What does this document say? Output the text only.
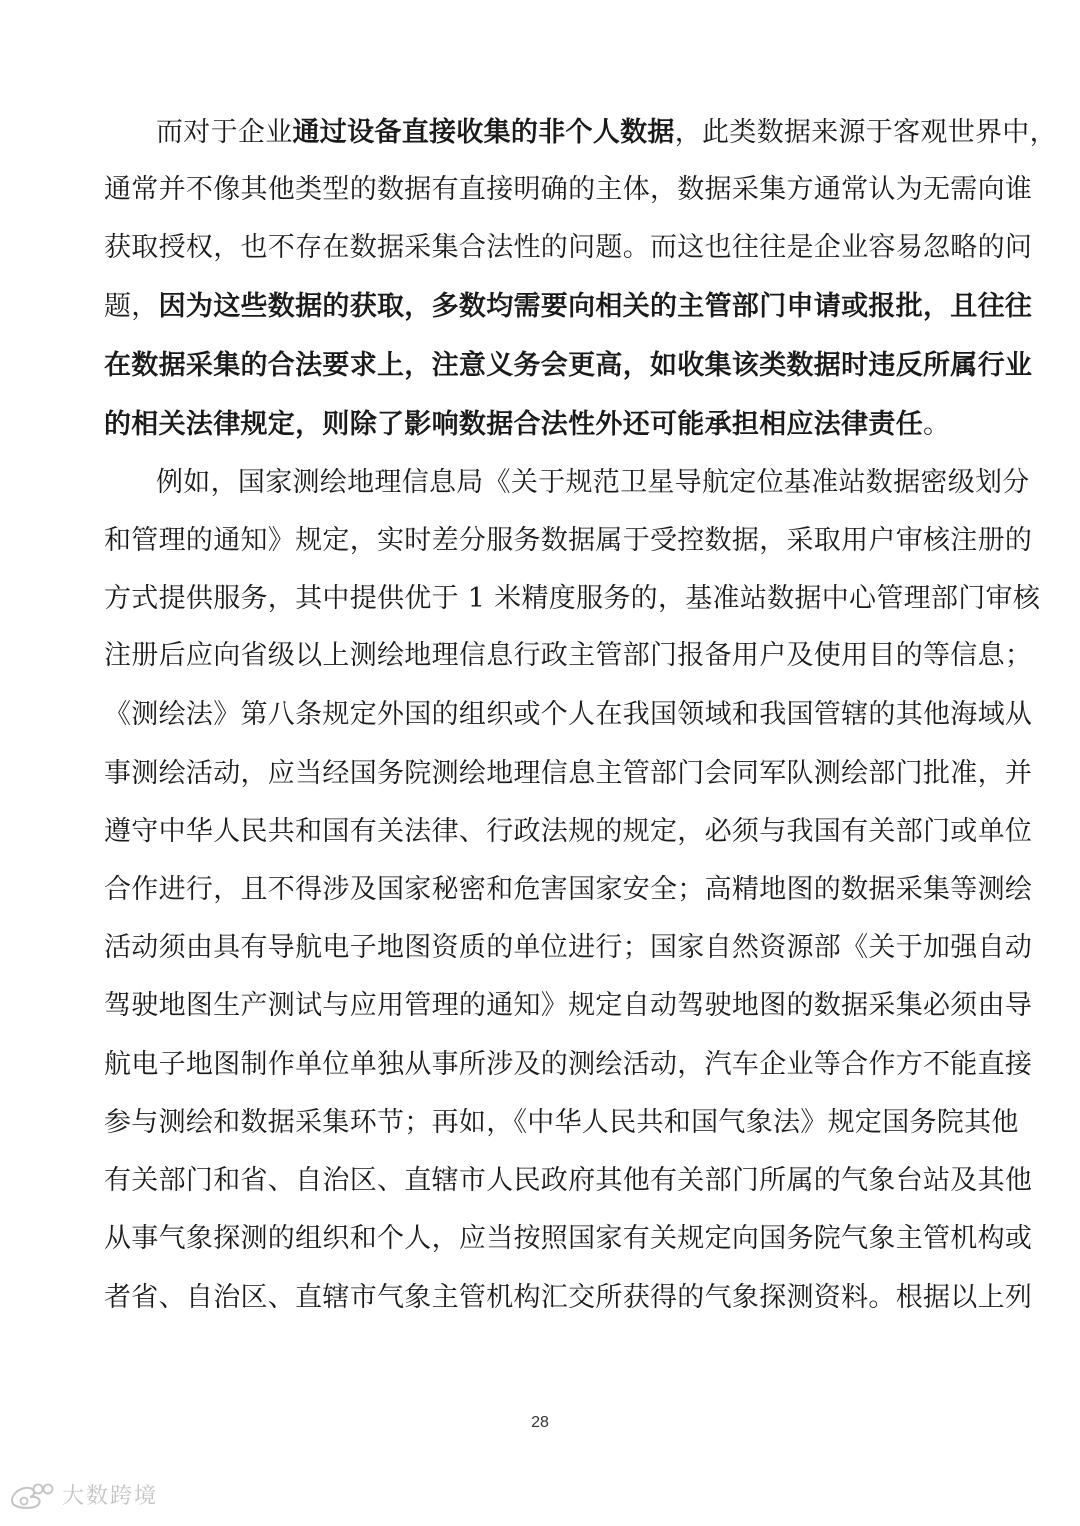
而对于企业通过设备直接收集的非个人数据，此类数据来源于客观世界中，
通常并不像其他类型的数据有直接明确的主体，数据采集方通常认为无需向谁
获取授权，也不存在数据采集合法性的问题。而这也往往是企业容易忽略的问
题，因为这些数据的获取，多数均需要向相关的主管部门申请或报批，且往往
在数据采集的合法要求上，注意义务会更高，如收集该类数据时违反所属行业
的相关法律规定，则除了影响数据合法性外还可能承担相应法律责任。
例如，国家测绘地理信息局《关于规范卫星导航定位基准站数据密级划分
和管理的通知》规定，实时差分服务数据属于受控数据，采取用户审核注册的
方式提供服务，其中提供优于 1 米精度服务的，基准站数据中心管理部门审核
注册后应向省级以上测绘地理信息行政主管部门报备用户及使用目的等信息；
《测绘法》第八条规定外国的组织或个人在我国领域和我国管辖的其他海域从
事测绘活动，应当经国务院测绘地理信息主管部门会同军队测绘部门批准，并
遵守中华人民共和国有关法律、行政法规的规定，必须与我国有关部门或单位
合作进行，且不得涉及国家秘密和危害国家安全；高精地图的数据采集等测绘
活动须由具有导航电子地图资质的单位进行；国家自然资源部《关于加强自动
驾驶地图生产测试与应用管理的通知》规定自动驾驶地图的数据采集必须由导
航电子地图制作单位单独从事所涉及的测绘活动，汽车企业等合作方不能直接
参与测绘和数据采集环节；再如，《中华人民共和国气象法》规定国务院其他
有关部门和省、自治区、直辖市人民政府其他有关部门所属的气象台站及其他
从事气象探测的组织和个人，应当按照国家有关规定向国务院气象主管机构或
者省、自治区、直辖市气象主管机构汇交所获得的气象探测资料。根据以上列
28
大数跨境
